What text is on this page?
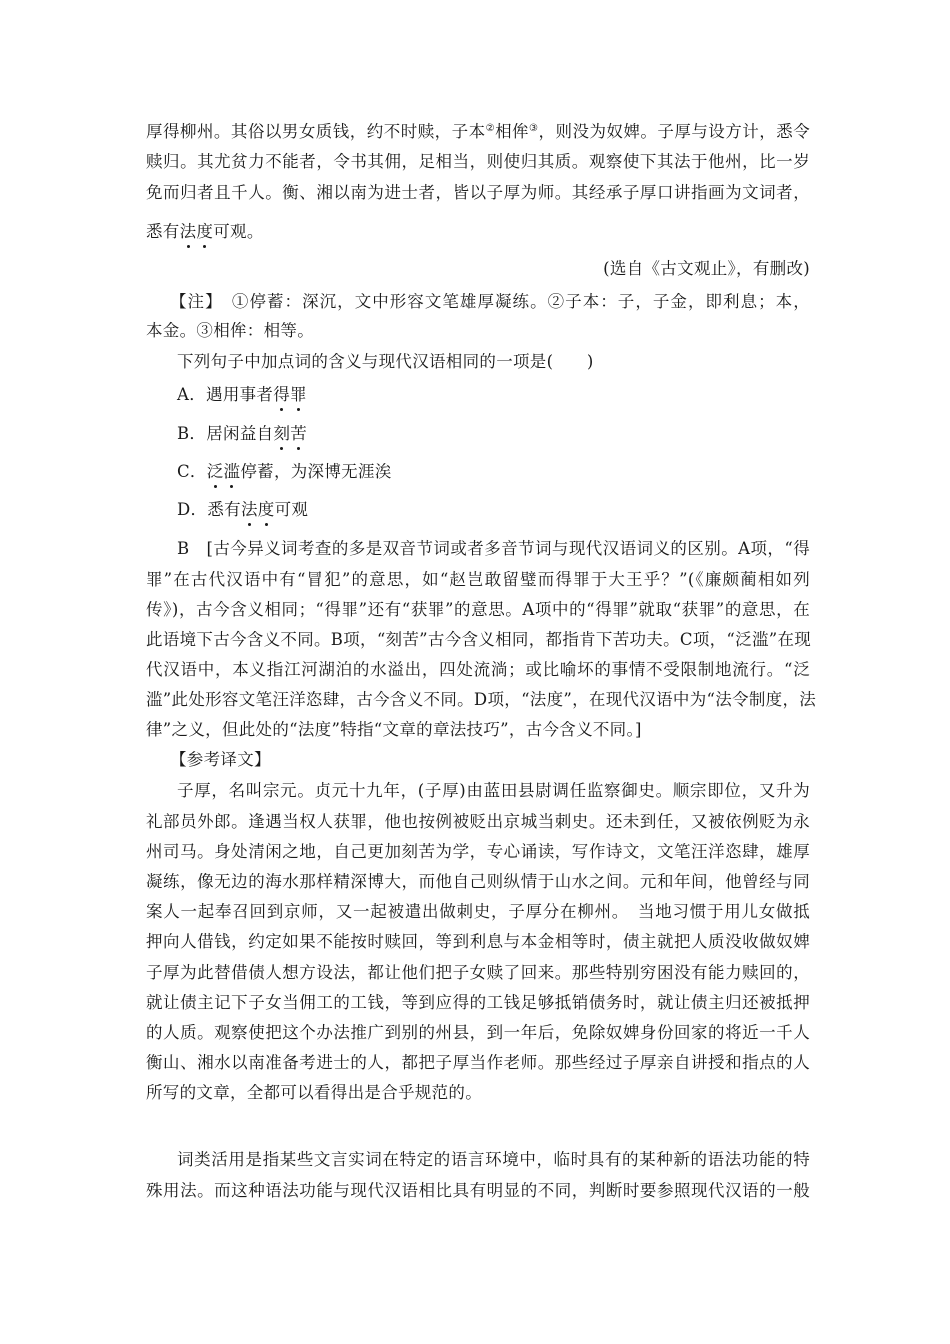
厚得柳州。其俗以男女质钱，约不时赎，子本②相侔③，则没为奴婢。子厚与设方计，悉令
赎归。其尤贫力不能者，令书其佣，足相当，则使归其质。观察使下其法于他州，比一岁
免而归者且千人。衡、湘以南为进士者，皆以子厚为师。其经承子厚口讲指画为文词者，
悉有法
度
可观。
(选自《古文观止》，有删改)
【注】　①停蓄：深沉，文中形容文笔雄厚凝练。②子本：子，子金，即利息；本，
本金。③相侔：相等。
下列句子中加点词的含义与现代汉语相同的一项是(　　)
A．遇用事者得
罪
B．居闲益自刻
苦
C．泛
滥
停蓄，为深博无涯涘
D．悉有法
度
可观
B　[古今异义词考查的多是双音节词或者多音节词与现代汉语词义的区别。A项，“得
罪”在古代汉语中有“冒犯”的意思，如“赵岂敢留璧而得罪于大王乎？”(《廉颇蔺相如列
传》)，古今含义相同；“得罪”还有“获罪”的意思。A项中的“得罪”就取“获罪”的意思，在
此语境下古今含义不同。B项，“刻苦”古今含义相同，都指肯下苦功夫。C项，“泛滥”在现
代汉语中，本义指江河湖泊的水溢出，四处流淌；或比喻坏的事情不受限制地流行。“泛
滥”此处形容文笔汪洋恣肆，古今含义不同。D项，“法度”，在现代汉语中为“法令制度，法
律”之义，但此处的“法度”特指“文章的章法技巧”，古今含义不同。]
【参考译文】
子厚，名叫宗元。贞元十九年，(子厚)由蓝田县尉调任监察御史。顺宗即位，又升为
礼部员外郎。逢遇当权人获罪，他也按例被贬出京城当刺史。还未到任，又被依例贬为永
州司马。身处清闲之地，自己更加刻苦为学，专心诵读，写作诗文，文笔汪洋恣肆，雄厚
凝练，像无边的海水那样精深博大，而他自己则纵情于山水之间。元和年间，他曾经与同
案人一起奉召回到京师，又一起被遣出做刺史，子厚分在柳州。　当地习惯于用儿女做抵
押向人借钱，约定如果不能按时赎回，等到利息与本金相等时，债主就把人质没收做奴婢
子厚为此替借债人想方设法，都让他们把子女赎了回来。那些特别穷困没有能力赎回的，
就让债主记下子女当佣工的工钱，等到应得的工钱足够抵销债务时，就让债主归还被抵押
的人质。观察使把这个办法推广到别的州县，到一年后，免除奴婢身份回家的将近一千人
衡山、湘水以南准备考进士的人，都把子厚当作老师。那些经过子厚亲自讲授和指点的人
所写的文章，全都可以看得出是合乎规范的。
词类活用是指某些文言实词在特定的语言环境中，临时具有的某种新的语法功能的特
殊用法。而这种语法功能与现代汉语相比具有明显的不同，判断时要参照现代汉语的一般
